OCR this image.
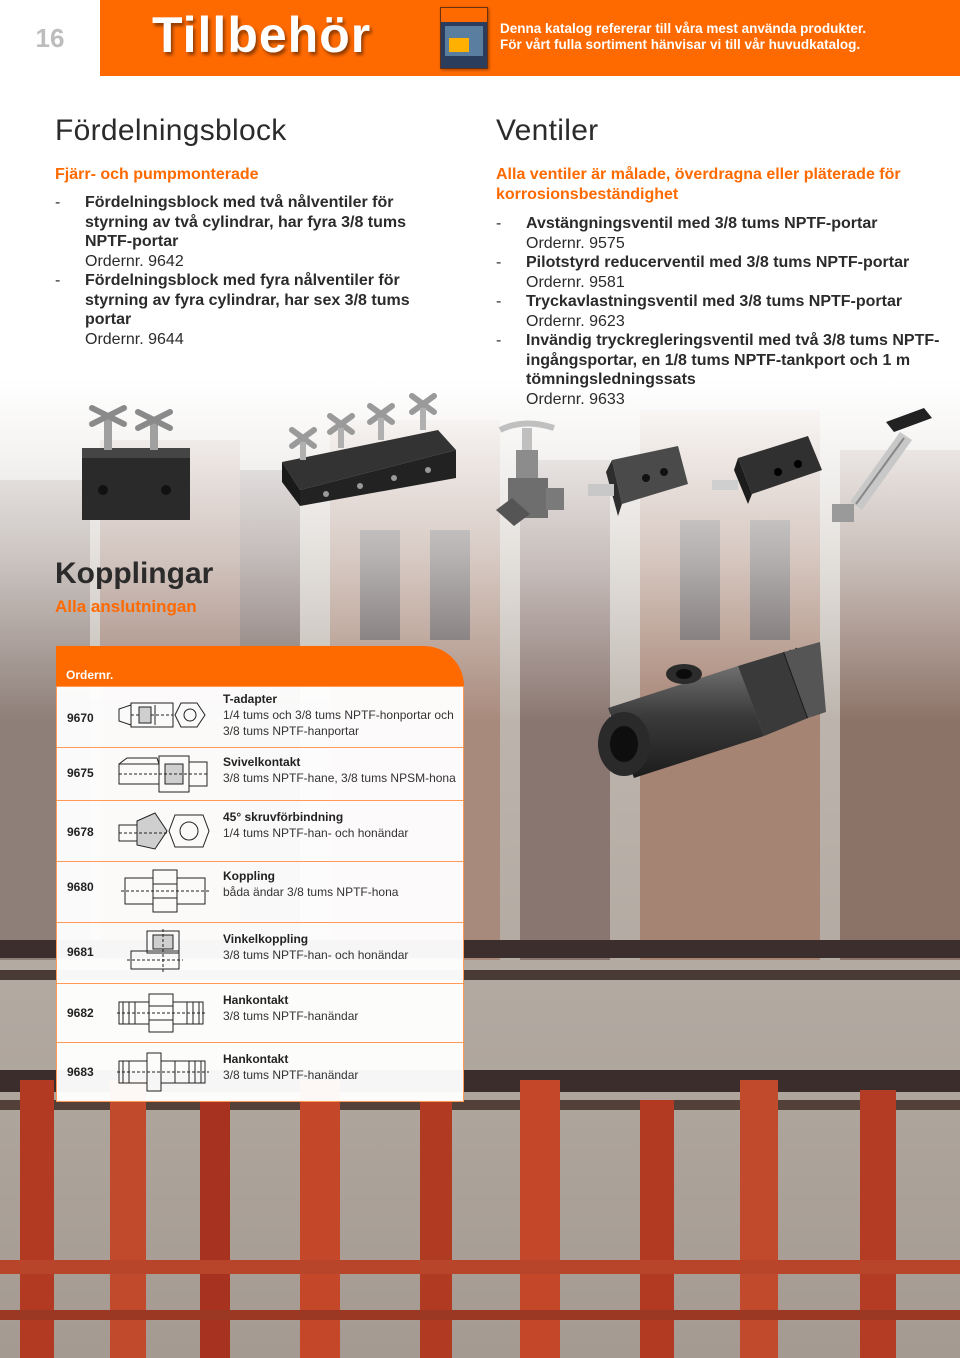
16	Tillbehör	Denna katalog refererar till våra mest använda produkter.
För vårt fulla sortiment hänvisar vi till vår huvudkatalog.
Fördelningsblock
Fjärr- och pumpmonterade
- Fördelningsblock med två nålventiler för styrning av två cylindrar, har fyra 3/8 tums NPTF-portar
Ordernr. 9642
- Fördelningsblock med fyra nålventiler för styrning av fyra cylindrar, har sex 3/8 tums portar
Ordernr. 9644
Ventiler
Alla ventiler är målade, överdragna eller pläterade för korrosionsbeständighet
- Avstängningsventil med 3/8 tums NPTF-portar
Ordernr. 9575
- Pilotstyrd reducerventil med 3/8 tums NPTF-portar
Ordernr. 9581
- Tryckavlastningsventil med 3/8 tums NPTF-portar
Ordernr. 9623
- Invändig tryckregleringsventil med två 3/8 tums NPTF-ingångsportar, en 1/8 tums NPTF-tankport och 1 m tömningsledningssats
Ordernr. 9633
Kopplingar
Alla anslutningan
Ordernr.
9670
T-adapter
1/4 tums och 3/8 tums NPTF-honportar och 3/8 tums NPTF-hanportar
9675
Svivelkontakt
3/8 tums NPTF-hane, 3/8 tums NPSM-hona
9678
45° skruvförbindning
1/4 tums NPTF-han- och honändar
9680
Koppling
båda ändar 3/8 tums NPTF-hona
9681
Vinkelkoppling
3/8 tums NPTF-han- och honändar
9682
Hankontakt
3/8 tums NPTF-hanändar
9683
Hankontakt
3/8 tums NPTF-hanändar
